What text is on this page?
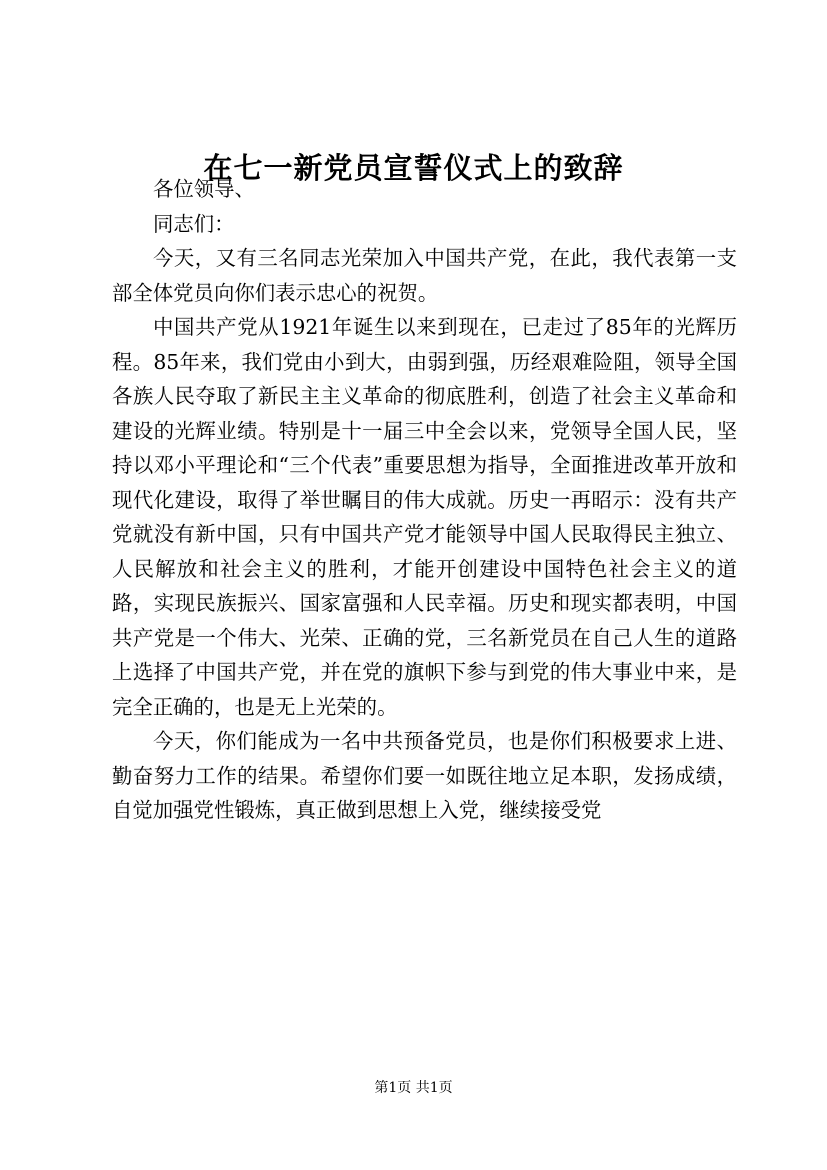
在七一新党员宣誓仪式上的致辞

各位领导、

同志们：

今天，又有三名同志光荣加入中国共产党，在此，我代表第一支部全体党员向你们表示忠心的祝贺。

中国共产党从1921年诞生以来到现在，已走过了85年的光辉历程。85年来，我们党由小到大，由弱到强，历经艰难险阻，领导全国各族人民夺取了新民主主义革命的彻底胜利，创造了社会主义革命和建设的光辉业绩。特别是十一届三中全会以来，党领导全国人民，坚持以邓小平理论和“三个代表”重要思想为指导，全面推进改革开放和现代化建设，取得了举世瞩目的伟大成就。历史一再昭示：没有共产党就没有新中国，只有中国共产党才能领导中国人民取得民主独立、人民解放和社会主义的胜利，才能开创建设中国特色社会主义的道路，实现民族振兴、国家富强和人民幸福。历史和现实都表明，中国共产党是一个伟大、光荣、正确的党，三名新党员在自己人生的道路上选择了中国共产党，并在党的旗帜下参与到党的伟大事业中来，是完全正确的，也是无上光荣的。

今天，你们能成为一名中共预备党员，也是你们积极要求上进、勤奋努力工作的结果。希望你们要一如既往地立足本职，发扬成绩，自觉加强党性锻炼，真正做到思想上入党，继续接受党

第1页 共1页
